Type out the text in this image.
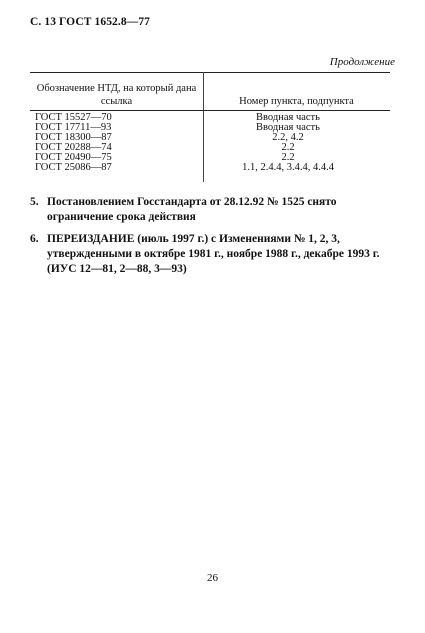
С. 13 ГОСТ 1652.8—77
Продолжение
Обозначение НТД, на который дана ссылка	Номер пункта, подпункта
ГОСТ 15527—70	Вводная часть
ГОСТ 17711—93	Вводная часть
ГОСТ 18300—87	2.2, 4.2
ГОСТ 20288—74	2.2
ГОСТ 20490—75	2.2
ГОСТ 25086—87	1.1, 2.4.4, 3.4.4, 4.4.4
5. Постановлением Госстандарта от 28.12.92 № 1525 снято ограничение срока действия
6. ПЕРЕИЗДАНИЕ (июль 1997 г.) с Изменениями № 1, 2, 3, утвержденными в октябре 1981 г., ноябре 1988 г., декабре 1993 г. (ИУС 12—81, 2—88, 3—93)
26
